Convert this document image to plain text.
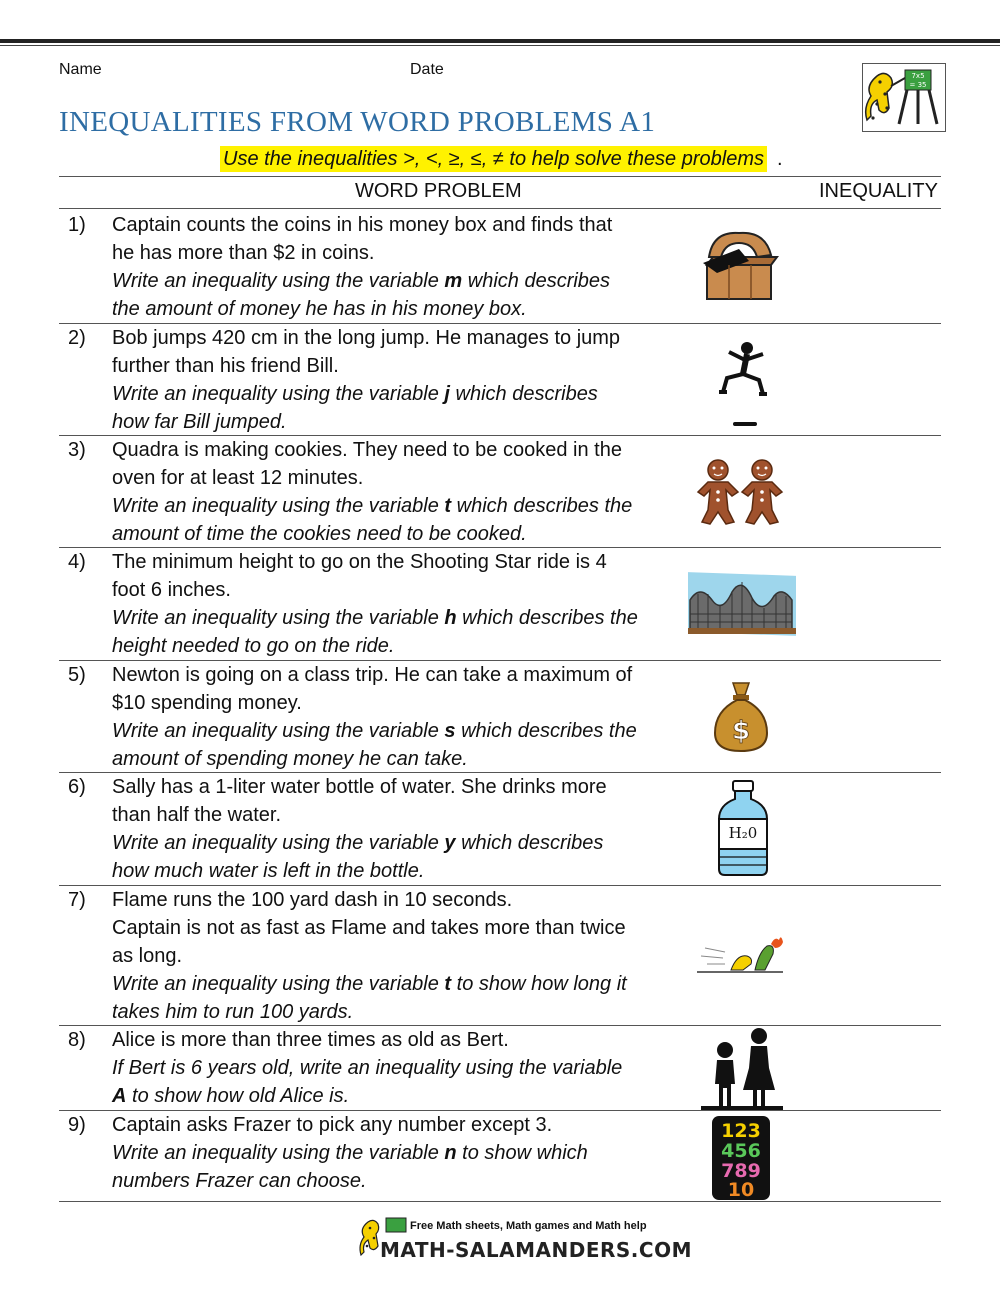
Name	Date	7x5
= 35
INEQUALITIES FROM WORD PROBLEMS A1
Use the inequalities >, <, ≥, ≤, ≠ to help solve these problems .
WORD PROBLEM	INEQUALITY
1) Captain counts the coins in his money box and finds that
he has more than $2 in coins.
Write an inequality using the variable m which describes
the amount of money he has in his money box.
2) Bob jumps 420 cm in the long jump. He manages to jump
further than his friend Bill.
Write an inequality using the variable j which describes
how far Bill jumped.
3) Quadra is making cookies. They need to be cooked in the
oven for at least 12 minutes.
Write an inequality using the variable t which describes the
amount of time the cookies need to be cooked.
4) The minimum height to go on the Shooting Star ride is 4
foot 6 inches.
Write an inequality using the variable h which describes the
height needed to go on the ride.
5) Newton is going on a class trip. He can take a maximum of
$10 spending money.
Write an inequality using the variable s which describes the
amount of spending money he can take.
$
6) Sally has a 1-liter water bottle of water. She drinks more
than half the water.
Write an inequality using the variable y which describes
how much water is left in the bottle.
H₂0
7) Flame runs the 100 yard dash in 10 seconds.
Captain is not as fast as Flame and takes more than twice
as long.
Write an inequality using the variable t to show how long it
takes him to run 100 yards.
8) Alice is more than three times as old as Bert.
If Bert is 6 years old, write an inequality using the variable
A to show how old Alice is.
9) Captain asks Frazer to pick any number except 3.
Write an inequality using the variable n to show which
numbers Frazer can choose.
123
456
789
10
Free Math sheets, Math games and Math help
MATH-SALAMANDERS.COM
